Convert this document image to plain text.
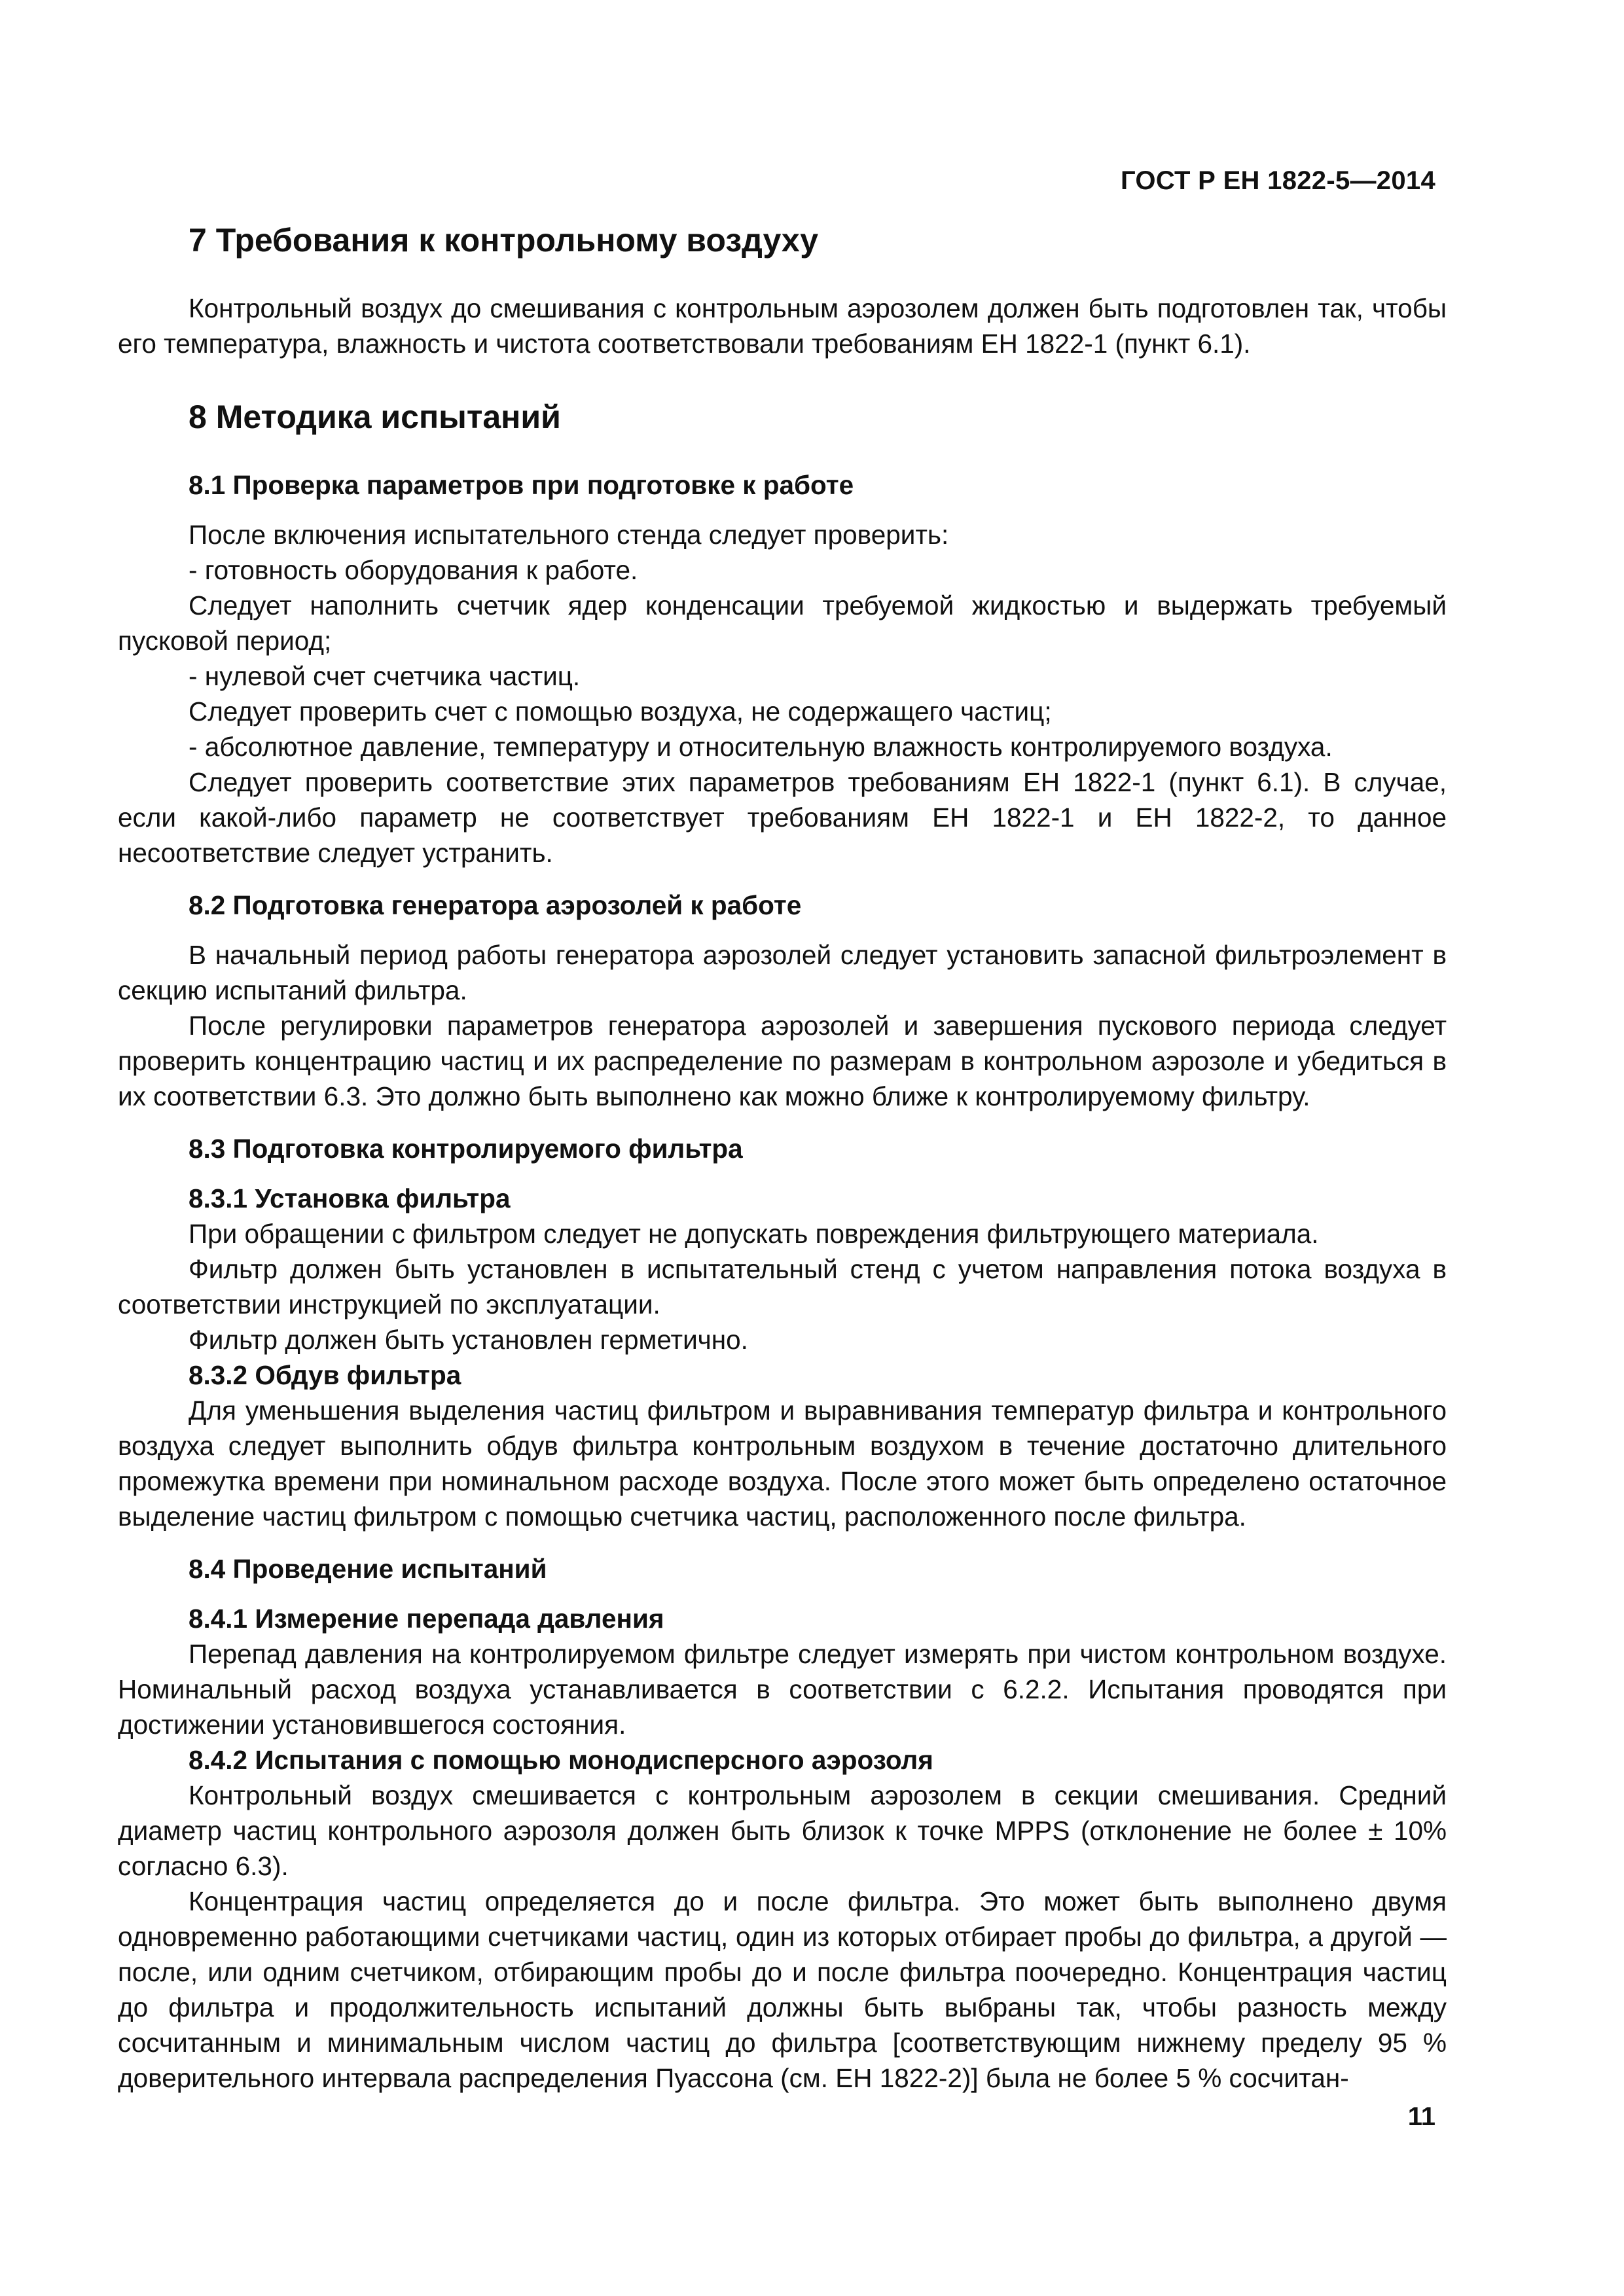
ГОСТ Р ЕН 1822-5—2014
7 Требования к контрольному воздуху

Контрольный воздух до смешивания с контрольным аэрозолем должен быть подготовлен так, чтобы его температура, влажность и чистота соответствовали требованиям ЕН 1822-1 (пункт 6.1).

8 Методика испытаний
8.1 Проверка параметров при подготовке к работе

После включения испытательного стенда следует проверить:

- готовность оборудования к работе.

Следует наполнить счетчик ядер конденсации требуемой жидкостью и выдержать требуемый пусковой период;

- нулевой счет счетчика частиц.

Следует проверить счет с помощью воздуха, не содержащего частиц;

- абсолютное давление, температуру и относительную влажность контролируемого воздуха.

Следует проверить соответствие этих параметров требованиям ЕН 1822-1 (пункт 6.1). В случае, если какой-либо параметр не соответствует требованиям ЕН 1822-1 и ЕН 1822-2, то данное несоответствие следует устранить.

8.2 Подготовка генератора аэрозолей к работе

В начальный период работы генератора аэрозолей следует установить запасной фильтроэлемент в секцию испытаний фильтра.

После регулировки параметров генератора аэрозолей и завершения пускового периода следует проверить концентрацию частиц и их распределение по размерам в контрольном аэрозоле и убедиться в их соответствии 6.3. Это должно быть выполнено как можно ближе к контролируемому фильтру.

8.3 Подготовка контролируемого фильтра
8.3.1 Установка фильтра

При обращении с фильтром следует не допускать повреждения фильтрующего материала.

Фильтр должен быть установлен в испытательный стенд с учетом направления потока воздуха в соответствии инструкцией по эксплуатации.

Фильтр должен быть установлен герметично.

8.3.2 Обдув фильтра

Для уменьшения выделения частиц фильтром и выравнивания температур фильтра и контрольного воздуха следует выполнить обдув фильтра контрольным воздухом в течение достаточно длительного промежутка времени при номинальном расходе воздуха. После этого может быть определено остаточное выделение частиц фильтром с помощью счетчика частиц, расположенного после фильтра.

8.4 Проведение испытаний
8.4.1 Измерение перепада давления

Перепад давления на контролируемом фильтре следует измерять при чистом контрольном воздухе. Номинальный расход воздуха устанавливается в соответствии с 6.2.2. Испытания проводятся при достижении установившегося состояния.

8.4.2 Испытания с помощью монодисперсного аэрозоля

Контрольный воздух смешивается с контрольным аэрозолем в секции смешивания. Средний диаметр частиц контрольного аэрозоля должен быть близок к точке MPPS (отклонение не более ± 10% согласно 6.3).

Концентрация частиц определяется до и после фильтра. Это может быть выполнено двумя одновременно работающими счетчиками частиц, один из которых отбирает пробы до фильтра, а другой — после, или одним счетчиком, отбирающим пробы до и после фильтра поочередно. Концентрация частиц до фильтра и продолжительность испытаний должны быть выбраны так, чтобы разность между сосчитанным и минимальным числом частиц до фильтра [соответствующим нижнему пределу 95 % доверительного интервала распределения Пуассона (см. ЕН 1822-2)] была не более 5 % сосчитан-

11
